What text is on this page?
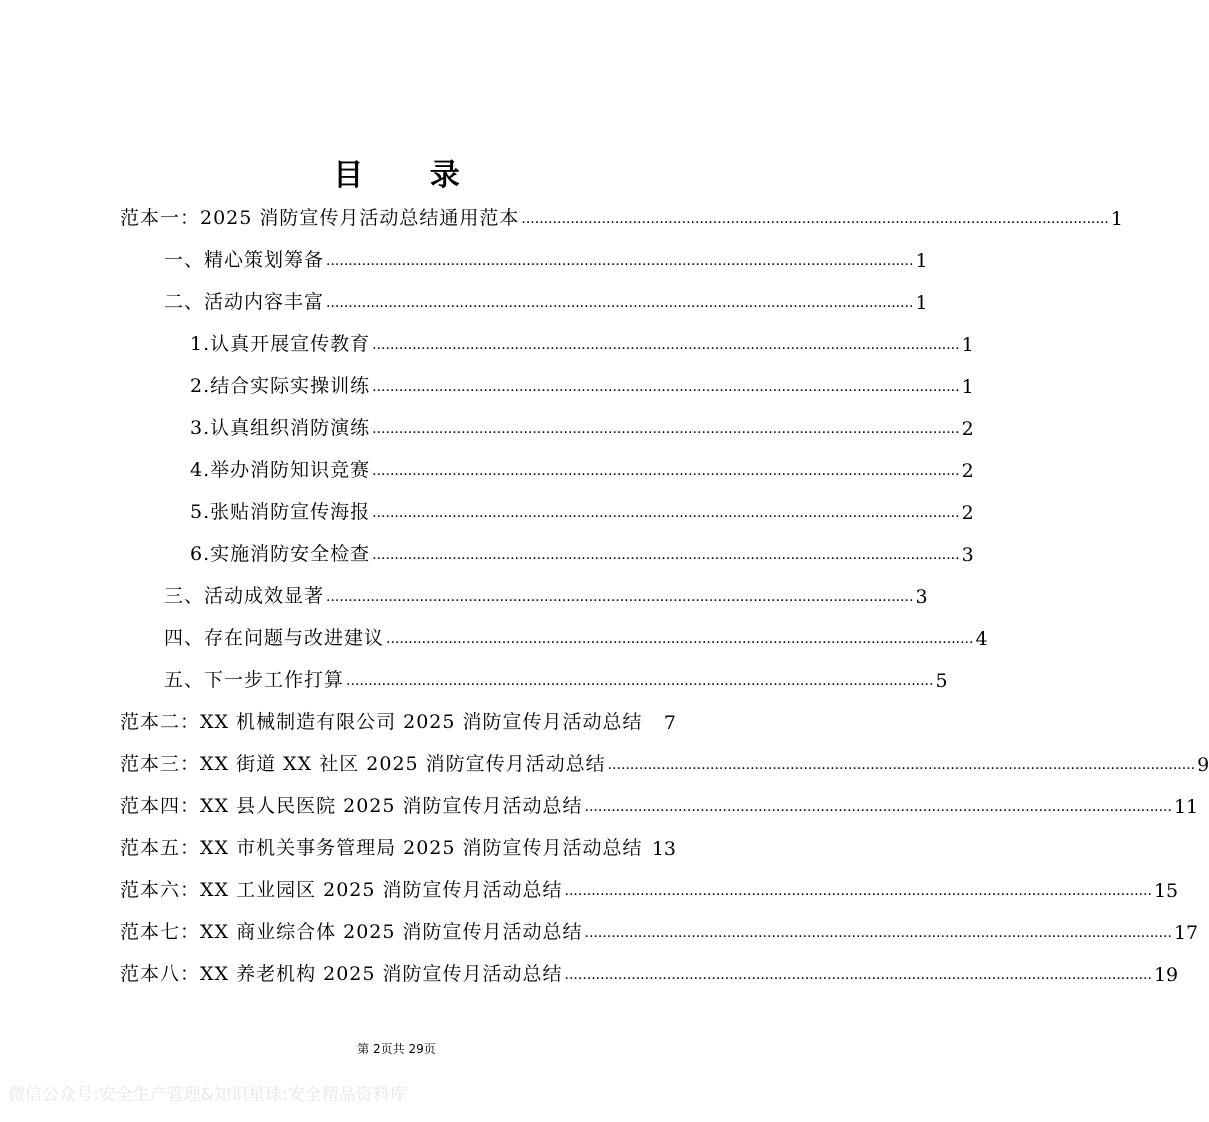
目 录
范本一：2025 消防宣传月活动总结通用范本 .................................................................................................................................... 1
一、精心策划筹备 .................................................................................................................................... 1
二、活动内容丰富 .................................................................................................................................... 1
1.认真开展宣传教育 .................................................................................................................................... 1
2.结合实际实操训练 .................................................................................................................................... 1
3.认真组织消防演练 .................................................................................................................................... 2
4.举办消防知识竞赛 .................................................................................................................................... 2
5.张贴消防宣传海报 .................................................................................................................................... 2
6.实施消防安全检查 .................................................................................................................................... 3
三、活动成效显著 .................................................................................................................................... 3
四、存在问题与改进建议 .................................................................................................................................... 4
五、下一步工作打算 .................................................................................................................................... 5
范本二：XX 机械制造有限公司 2025 消防宣传月活动总结 7
范本三：XX 街道 XX 社区 2025 消防宣传月活动总结 .................................................................................................................................... 9
范本四：XX 县人民医院 2025 消防宣传月活动总结 .................................................................................................................................... 11
范本五：XX 市机关事务管理局 2025 消防宣传月活动总结 13
范本六：XX 工业园区 2025 消防宣传月活动总结 .................................................................................................................................... 15
范本七：XX 商业综合体 2025 消防宣传月活动总结 .................................................................................................................................... 17
范本八：XX 养老机构 2025 消防宣传月活动总结 .................................................................................................................................... 19
第 2页共 29页
微信公众号:安全生产管理&知识星球:安全精品资料库
